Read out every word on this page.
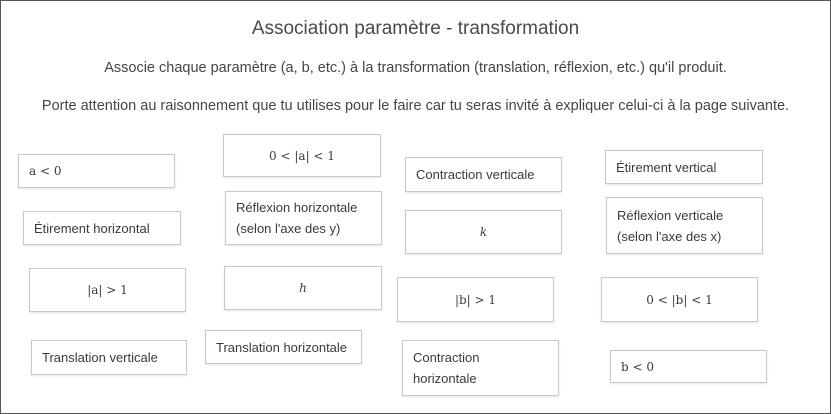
Association paramètre - transformation
Associe chaque paramètre (a, b, etc.) à la transformation (translation, réflexion, etc.) qu'il produit.
Porte attention au raisonnement que tu utilises pour le faire car tu seras invité à expliquer celui-ci à la page suivante.
a < 0
0 < |a| < 1
Contraction verticale	Étirement vertical
Étirement horizontal
Réflexion horizontale
(selon l'axe des y)	k
Réflexion verticale
(selon l'axe des x)
|a| > 1	h
|b| > 1	0 < |b| < 1
Translation verticale
Translation horizontale
Contraction
horizontale
b < 0
